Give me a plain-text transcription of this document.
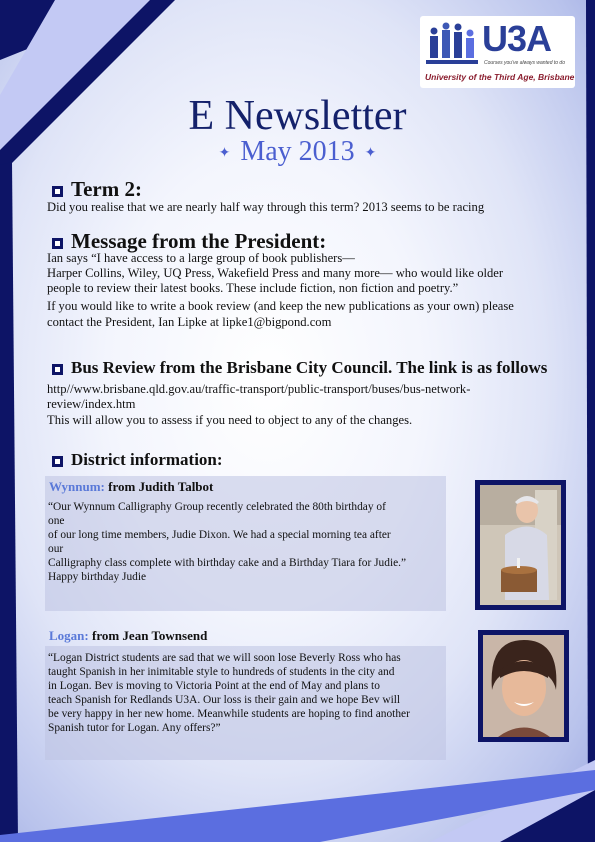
U3A
Courses you've always wanted to do
University of the Third Age, Brisbane
E Newsletter
✦ May 2013 ✦
Term 2:
Did you realise that we are nearly half way through this term? 2013 seems to be racing
Message from the President:
Ian says “I have access to a large group of book publishers—
Harper Collins, Wiley, UQ Press, Wakefield Press and many more— who would like older
people to review their latest books. These include fiction, non fiction and poetry.”
If you would like to write a book review (and keep the new publications as your own) please
contact the President, Ian Lipke at lipke1@bigpond.com
Bus Review from the Brisbane City Council. The link is as follows
http//www.brisbane.qld.gov.au/traffic-transport/public-transport/buses/bus-network-
review/index.htm
This will allow you to assess if you need to object to any of the changes.
District information:
Wynnum: from Judith Talbot
“Our Wynnum Calligraphy Group recently celebrated the 80th birthday of
one
of our long time members, Judie Dixon. We had a special morning tea after
our
Calligraphy class complete with birthday cake and a Birthday Tiara for Judie.”
Happy birthday Judie
Logan: from Jean Townsend
“Logan District students are sad that we will soon lose Beverly Ross who has
taught Spanish in her inimitable style to hundreds of students in the city and
in Logan. Bev is moving to Victoria Point at the end of May and plans to
teach Spanish for Redlands U3A. Our loss is their gain and we hope Bev will
be very happy in her new home. Meanwhile students are hoping to find another
Spanish tutor for Logan. Any offers?”
